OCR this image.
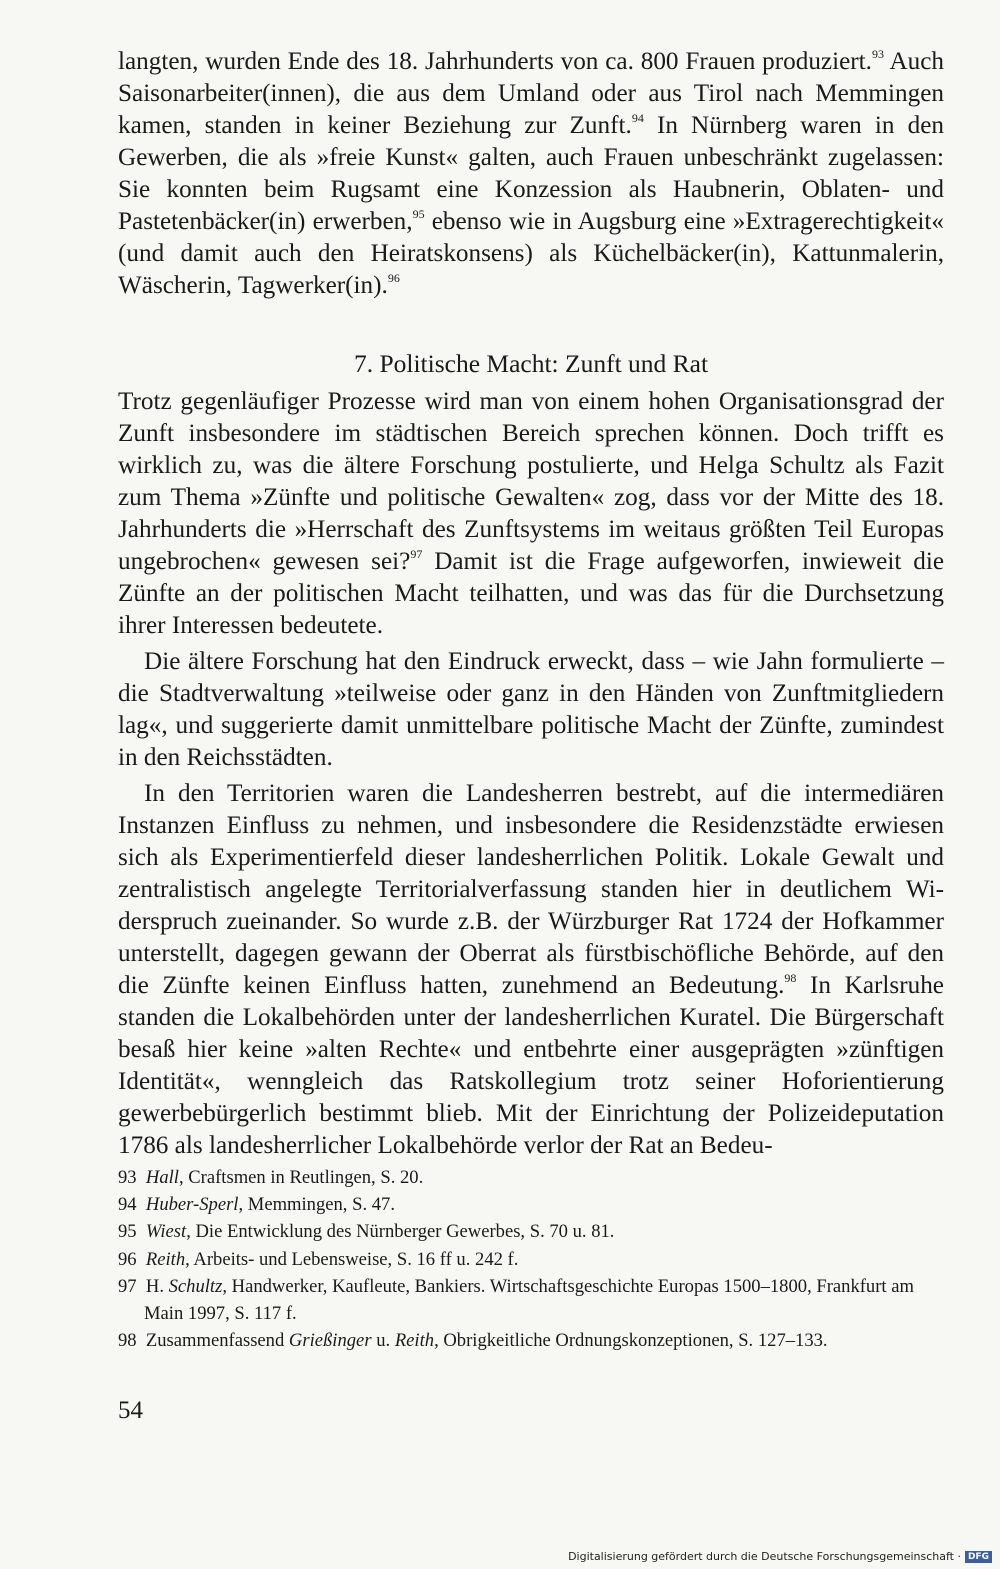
langten, wurden Ende des 18. Jahrhunderts von ca. 800 Frauen produziert.$^{93}$ Auch Saisonarbeiter(innen), die aus dem Umland oder aus Tirol nach Memmingen kamen, standen in keiner Beziehung zur Zunft.$^{94}$ In Nürnberg waren in den Gewerben, die als »freie Kunst« galten, auch Frauen unbeschränkt zugelassen: Sie konnten beim Rugsamt eine Konzession als Haubnerin, Oblaten- und Pastetenbäcker(in) erwerben,$^{95}$ ebenso wie in Augsburg eine »Extragerechtigkeit« (und damit auch den Heiratskonsens) als Küchelbäcker(in), Kattunmalerin, Wäscherin, Tagwerker(in).$^{96}$

7. Politische Macht: Zunft und Rat

Trotz gegenläufiger Prozesse wird man von einem hohen Organisationsgrad der Zunft insbesondere im städtischen Bereich sprechen können. Doch trifft es wirklich zu, was die ältere Forschung postulierte, und Helga Schultz als Fazit zum Thema »Zünfte und politische Gewalten« zog, dass vor der Mitte des 18. Jahrhunderts die »Herrschaft des Zunftsystems im weitaus größten Teil Europas ungebrochen« gewesen sei?$^{97}$ Damit ist die Frage aufgeworfen, inwieweit die Zünfte an der politischen Macht teilhatten, und was das für die Durchsetzung ihrer Interessen bedeutete.

Die ältere Forschung hat den Eindruck erweckt, dass – wie Jahn formulierte – die Stadtverwaltung »teilweise oder ganz in den Händen von Zunftmitgliedern lag«, und suggerierte damit unmittelbare politische Macht der Zünfte, zumindest in den Reichsstädten.

In den Territorien waren die Landesherren bestrebt, auf die intermediären Instanzen Einfluss zu nehmen, und insbesondere die Residenzstädte erwiesen sich als Experimentierfeld dieser landesherrlichen Politik. Lokale Gewalt und zentralistisch angelegte Territorialverfassung standen hier in deutlichem Widerspruch zueinander. So wurde z.B. der Würzburger Rat 1724 der Hofkammer unterstellt, dagegen gewann der Oberrat als fürstbischöfliche Behörde, auf den die Zünfte keinen Einfluss hatten, zunehmend an Bedeutung.$^{98}$ In Karlsruhe standen die Lokalbehörden unter der landesherrlichen Kuratel. Die Bürgerschaft besaß hier keine »alten Rechte« und entbehrte einer ausgeprägten »zünftigen Identität«, wenngleich das Ratskollegium trotz seiner Hoforientierung gewerbebürgerlich bestimmt blieb. Mit der Einrichtung der Polizeideputation 1786 als landesherrlicher Lokalbehörde verlor der Rat an Bedeu-

93  Hall, Craftsmen in Reutlingen, S. 20.

94  Huber-Sperl, Memmingen, S. 47.

95  Wiest, Die Entwicklung des Nürnberger Gewerbes, S. 70 u. 81.

96  Reith, Arbeits- und Lebensweise, S. 16 ff u. 242 f.

97  H. Schultz, Handwerker, Kaufleute, Bankiers. Wirtschaftsgeschichte Europas 1500–1800, Frankfurt am Main 1997, S. 117 f.

98  Zusammenfassend Grießinger u. Reith, Obrigkeitliche Ordnungskonzeptionen, S. 127–133.

54

Digitalisierung gefördert durch die Deutsche Forschungsgemeinschaft · DFG
